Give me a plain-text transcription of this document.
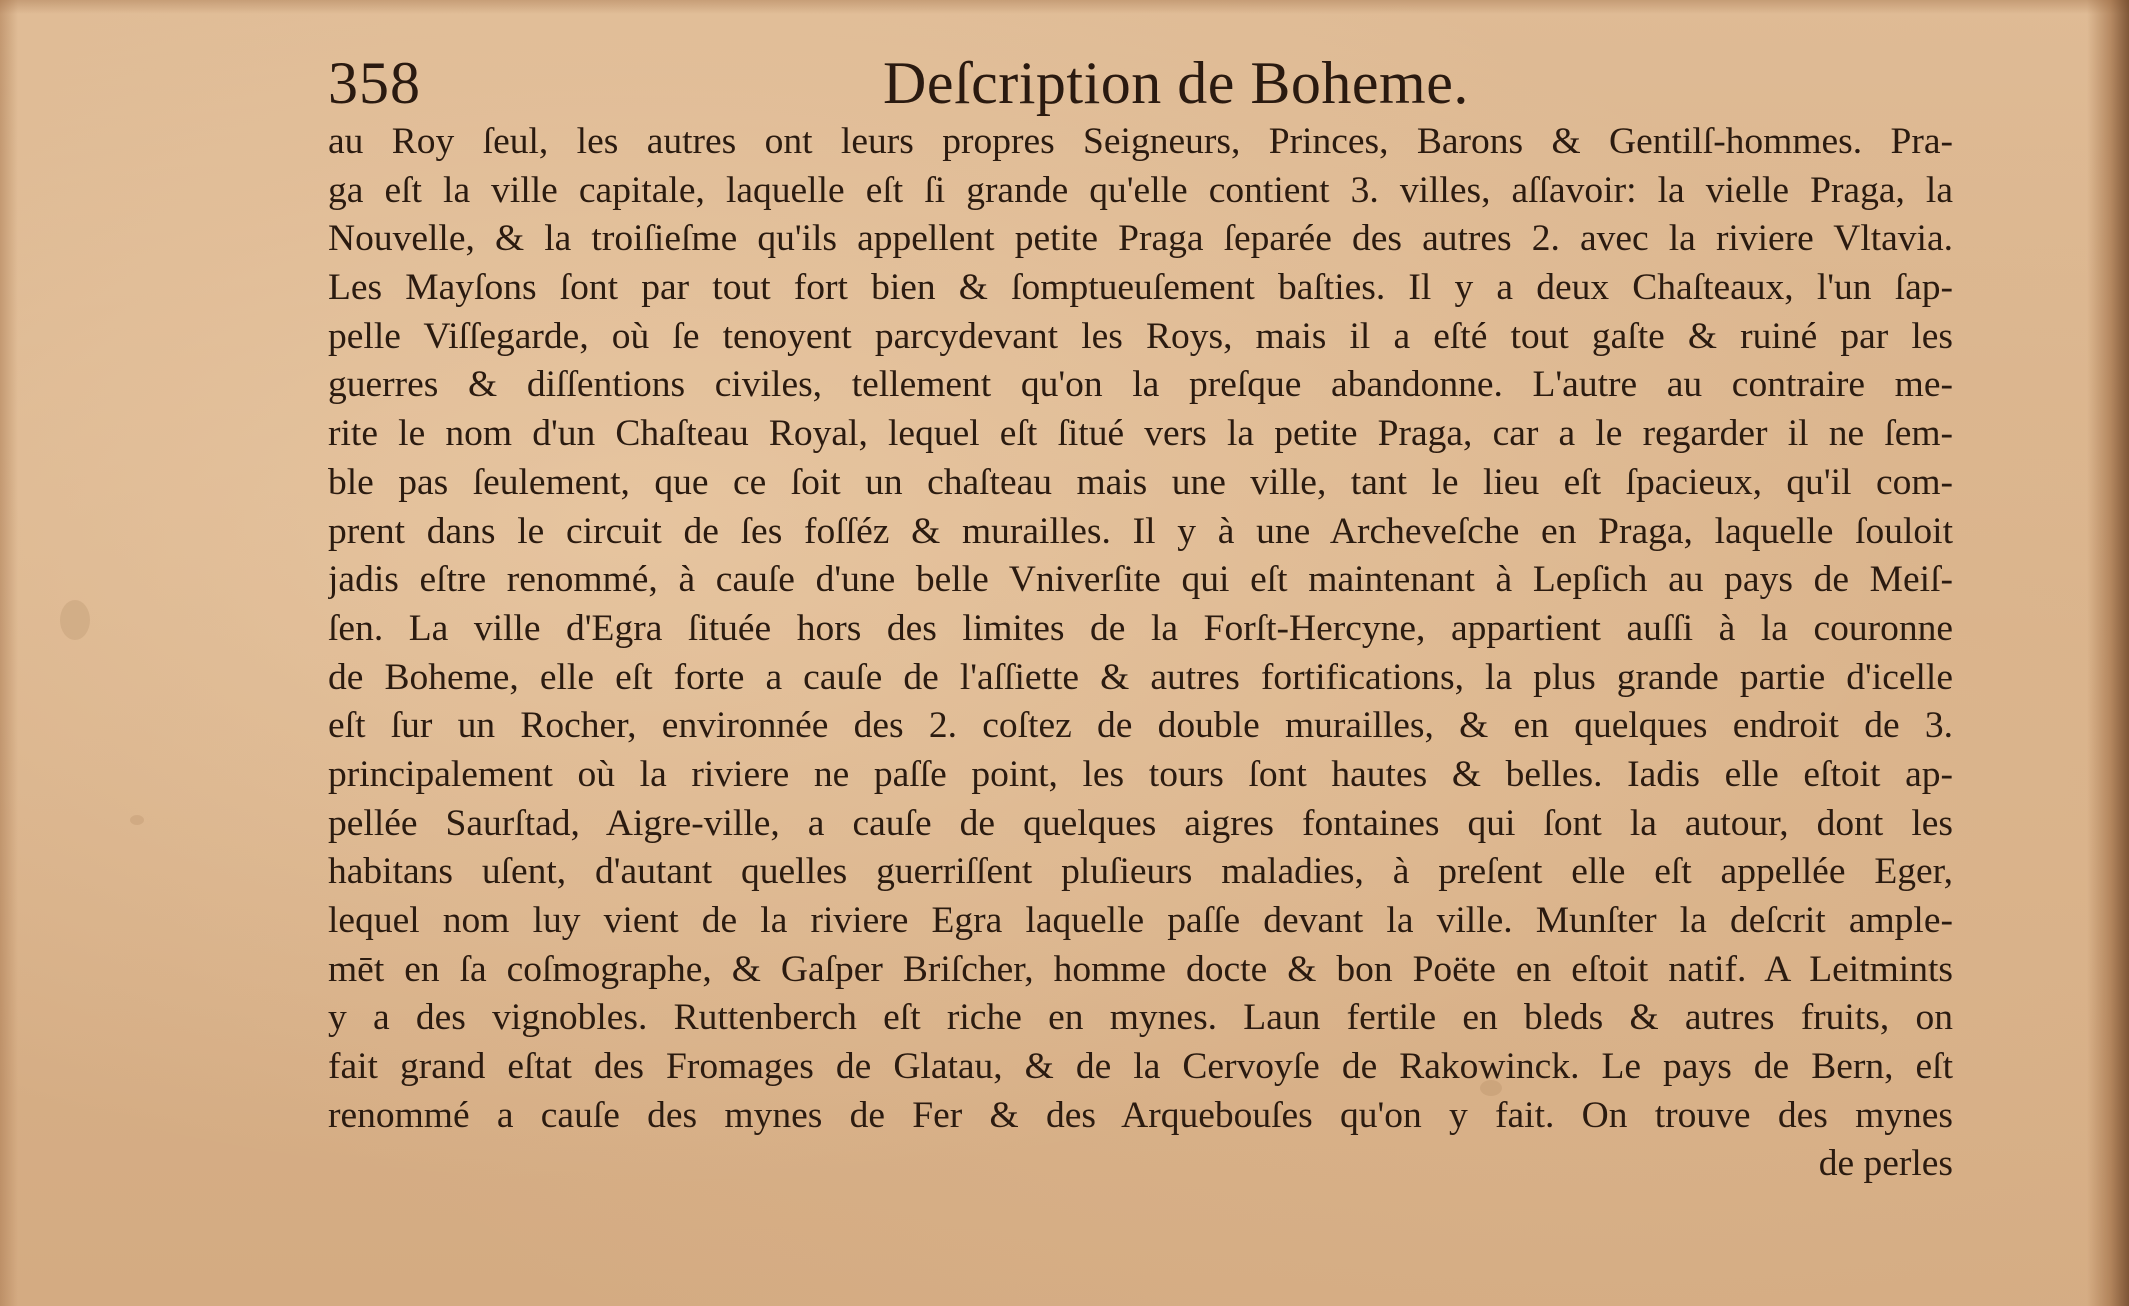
358	Deſcription de Boheme.
au Roy ſeul, les autres ont leurs propres Seigneurs, Princes, Barons & Gentilſ-hommes. Pra-
ga eſt la ville capitale, laquelle eſt ſi grande qu'elle contient 3. villes, aſſavoir: la vielle Praga, la
Nouvelle, & la troiſieſme qu'ils appellent petite Praga ſeparée des autres 2. avec la riviere Vltavia.
Les Mayſons ſont par tout fort bien & ſomptueuſement baſties. Il y a deux Chaſteaux, l'un ſap-
pelle Viſſegarde, où ſe tenoyent parcydevant les Roys, mais il a eſté tout gaſte & ruiné par les
guerres & diſſentions civiles, tellement qu'on la preſque abandonne. L'autre au contraire me-
rite le nom d'un Chaſteau Royal, lequel eſt ſitué vers la petite Praga, car a le regarder il ne ſem-
ble pas ſeulement, que ce ſoit un chaſteau mais une ville, tant le lieu eſt ſpacieux, qu'il com-
prent dans le circuit de ſes foſſéz & murailles. Il y à une Archeveſche en Praga, laquelle ſouloit
jadis eſtre renommé, à cauſe d'une belle Vniverſite qui eſt maintenant à Lepſich au pays de Meiſ-
ſen. La ville d'Egra ſituée hors des limites de la Forſt-Hercyne, appartient auſſi à la couronne
de Boheme, elle eſt forte a cauſe de l'aſſiette & autres fortifications, la plus grande partie d'icelle
eſt ſur un Rocher, environnée des 2. coſtez de double murailles, & en quelques endroit de 3.
principalement où la riviere ne paſſe point, les tours ſont hautes & belles. Iadis elle eſtoit ap-
pellée Saurſtad, Aigre-ville, a cauſe de quelques aigres fontaines qui ſont la autour, dont les
habitans uſent, d'autant quelles guerriſſent pluſieurs maladies, à preſent elle eſt appellée Eger,
lequel nom luy vient de la riviere Egra laquelle paſſe devant la ville. Munſter la deſcrit ample-
mēt en ſa coſmographe, & Gaſper Briſcher, homme docte & bon Poëte en eſtoit natif. A Leitmints
y a des vignobles. Ruttenberch eſt riche en mynes. Laun fertile en bleds & autres fruits, on
fait grand eſtat des Fromages de Glatau, & de la Cervoyſe de Rakowinck. Le pays de Bern, eſt
renommé a cauſe des mynes de Fer & des Arquebouſes qu'on y fait. On trouve des mynes
de perles
